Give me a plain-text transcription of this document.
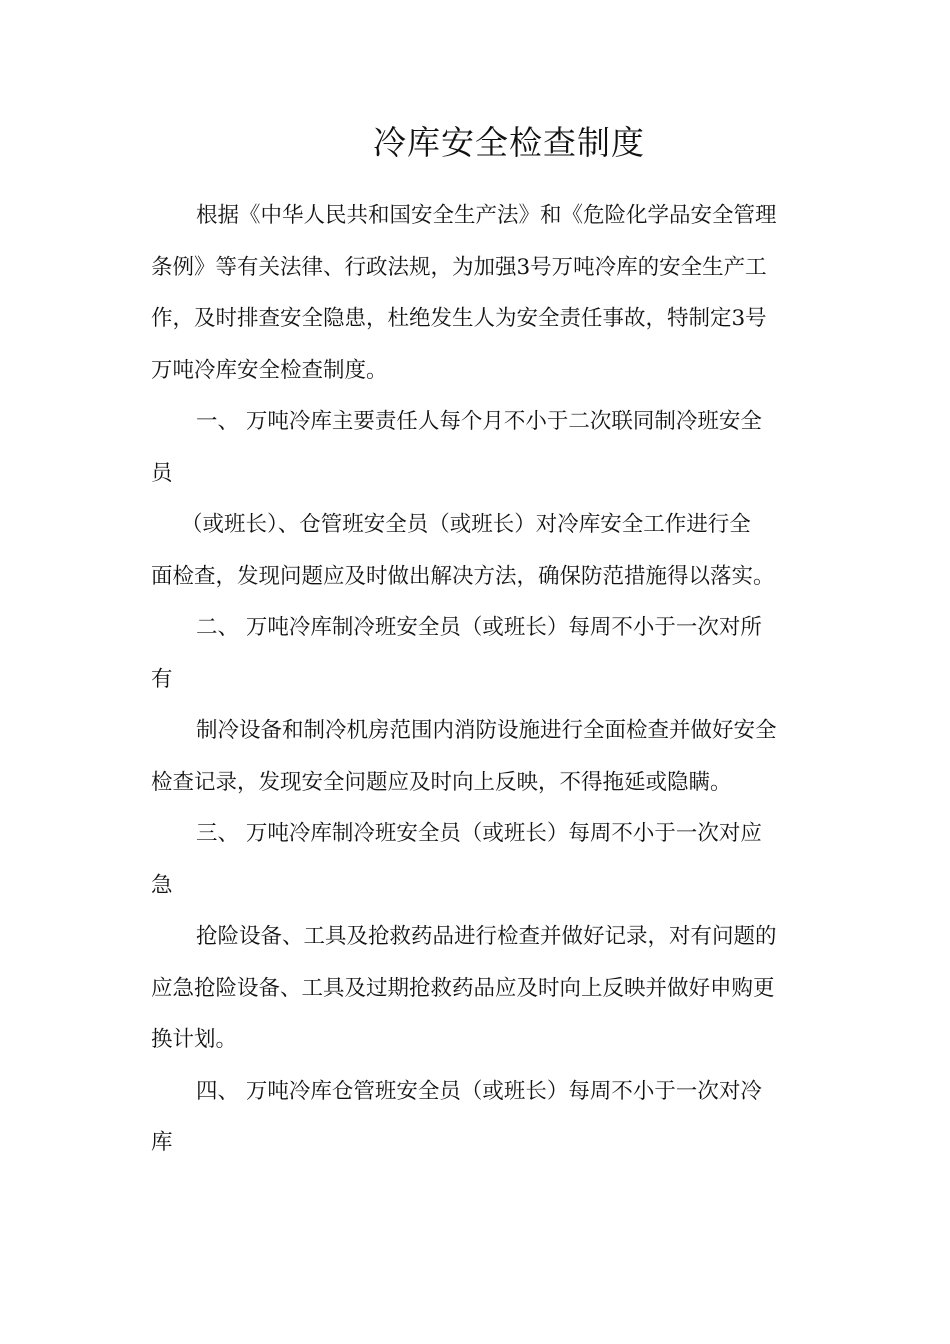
冷库安全检查制度
根据《中华人民共和国安全生产法》和《危险化学品安全管理
条例》等有关法律、行政法规，为加强3号万吨冷库的安全生产工
作，及时排查安全隐患，杜绝发生人为安全责任事故，特制定3号
万吨冷库安全检查制度。
一、 万吨冷库主要责任人每个月不小于二次联同制冷班安全
员
（或班长）、仓管班安全员（或班长）对冷库安全工作进行全
面检查，发现问题应及时做出解决方法，确保防范措施得以落实。
二、 万吨冷库制冷班安全员（或班长）每周不小于一次对所
有
制冷设备和制冷机房范围内消防设施进行全面检查并做好安全
检查记录，发现安全问题应及时向上反映，不得拖延或隐瞒。
三、 万吨冷库制冷班安全员（或班长）每周不小于一次对应
急
抢险设备、工具及抢救药品进行检查并做好记录，对有问题的
应急抢险设备、工具及过期抢救药品应及时向上反映并做好申购更
换计划。
四、 万吨冷库仓管班安全员（或班长）每周不小于一次对冷
库
